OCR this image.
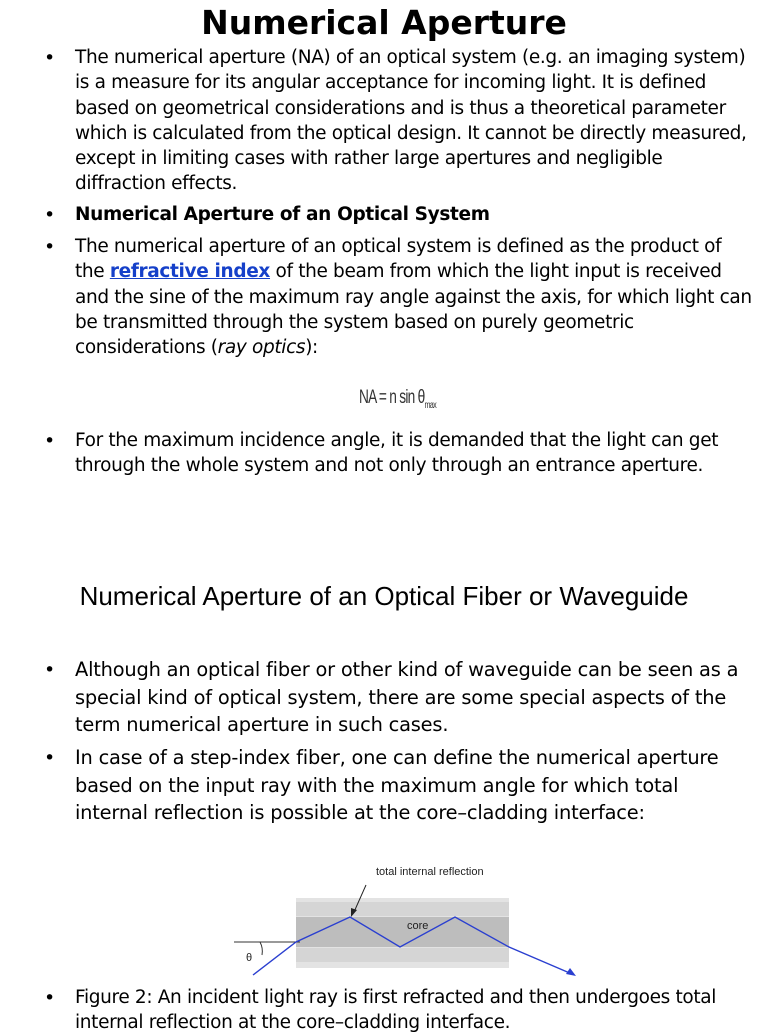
Numerical Aperture
• The numerical aperture (NA) of an optical system (e.g. an imaging system) is a measure for its angular acceptance for incoming light. It is defined based on geometrical considerations and is thus a theoretical parameter which is calculated from the optical design. It cannot be directly measured, except in limiting cases with rather large apertures and negligible diffraction effects.
• Numerical Aperture of an Optical System
• The numerical aperture of an optical system is defined as the product of the refractive index of the beam from which the light input is received and the sine of the maximum ray angle against the axis, for which light can be transmitted through the system based on purely geometric considerations (ray optics):
NA = n $\sin \theta_{max}$
• For the maximum incidence angle, it is demanded that the light can get through the whole system and not only through an entrance aperture.
Numerical Aperture of an Optical Fiber or Waveguide
• Although an optical fiber or other kind of waveguide can be seen as a special kind of optical system, there are some special aspects of the term numerical aperture in such cases.
• In case of a step-index fiber, one can define the numerical aperture based on the input ray with the maximum angle for which total internal reflection is possible at the core–cladding interface:
θ
core
total internal reflection
• Figure 2: An incident light ray is first refracted and then undergoes total internal reflection at the core–cladding interface.
